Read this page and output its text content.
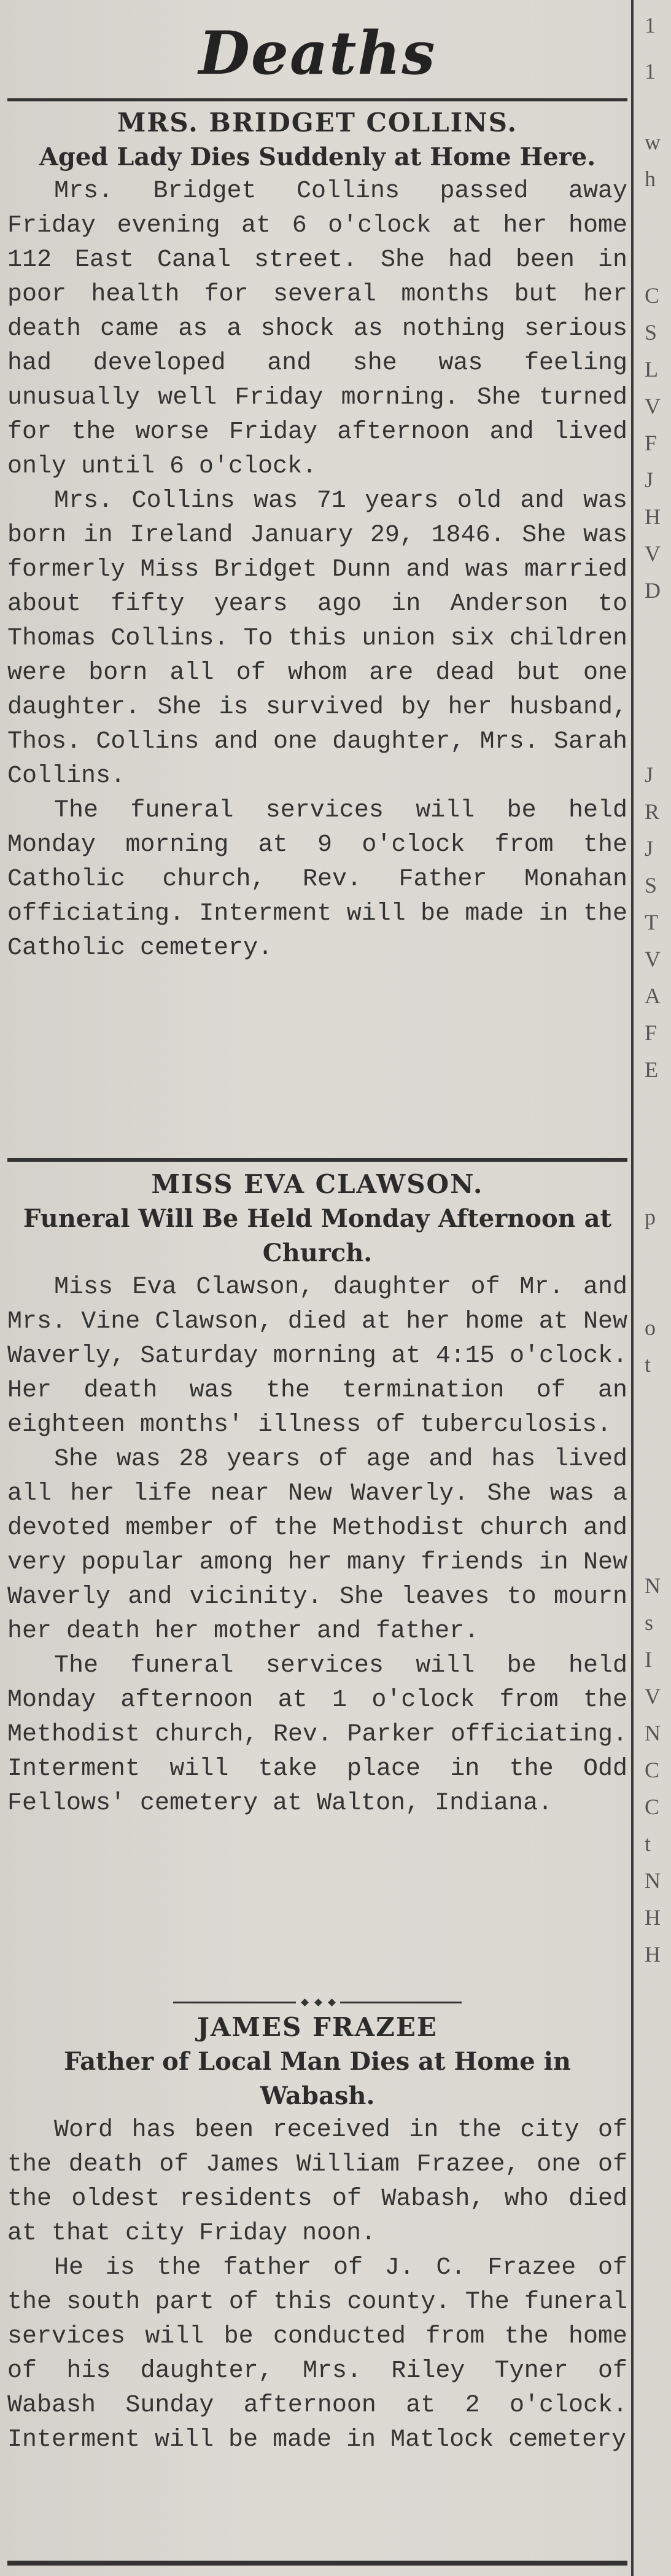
Deaths

MRS. BRIDGET COLLINS.

Aged Lady Dies Suddenly at Home Here.

Mrs. Bridget Collins passed away Friday evening at 6 o'clock at her home 112 East Canal street. She had been in poor health for several months but her death came as a shock as nothing serious had developed and she was feeling unusually well Friday morning. She turned for the worse Friday afternoon and lived only until 6 o'clock.

Mrs. Collins was 71 years old and was born in Ireland January 29, 1846. She was formerly Miss Bridget Dunn and was married about fifty years ago in Anderson to Thomas Collins. To this union six children were born all of whom are dead but one daughter. She is survived by her husband, Thos. Collins and one daughter, Mrs. Sarah Collins.

The funeral services will be held Monday morning at 9 o'clock from the Catholic church, Rev. Father Monahan officiating. Interment will be made in the Catholic cemetery.

MISS EVA CLAWSON.

Funeral Will Be Held Monday Afternoon at Church.

Miss Eva Clawson, daughter of Mr. and Mrs. Vine Clawson, died at her home at New Waverly, Saturday morning at 4:15 o'clock. Her death was the termination of an eighteen months' illness of tuberculosis.

She was 28 years of age and has lived all her life near New Waverly. She was a devoted member of the Methodist church and very popular among her many friends in New Waverly and vicinity. She leaves to mourn her death her mother and father.

The funeral services will be held Monday afternoon at 1 o'clock from the Methodist church, Rev. Parker officiating. Interment will take place in the Odd Fellows' cemetery at Walton, Indiana.

JAMES FRAZEE

Father of Local Man Dies at Home in Wabash.

Word has been received in the city of the death of James William Frazee, one of the oldest residents of Wabash, who died at that city Friday noon.

He is the father of J. C. Frazee of the south part of this county. The funeral services will be conducted from the home of his daughter, Mrs. Riley Tyner of Wabash Sunday afternoon at 2 o'clock. Interment will be made in Matlock cemetery

1
1
w
h
C
S
L
V
F
J
H
V
D
J
R
J
S
T
V
A
F
E
p
o
t
N
s
I
V
N
C
C
t
N
H
H
